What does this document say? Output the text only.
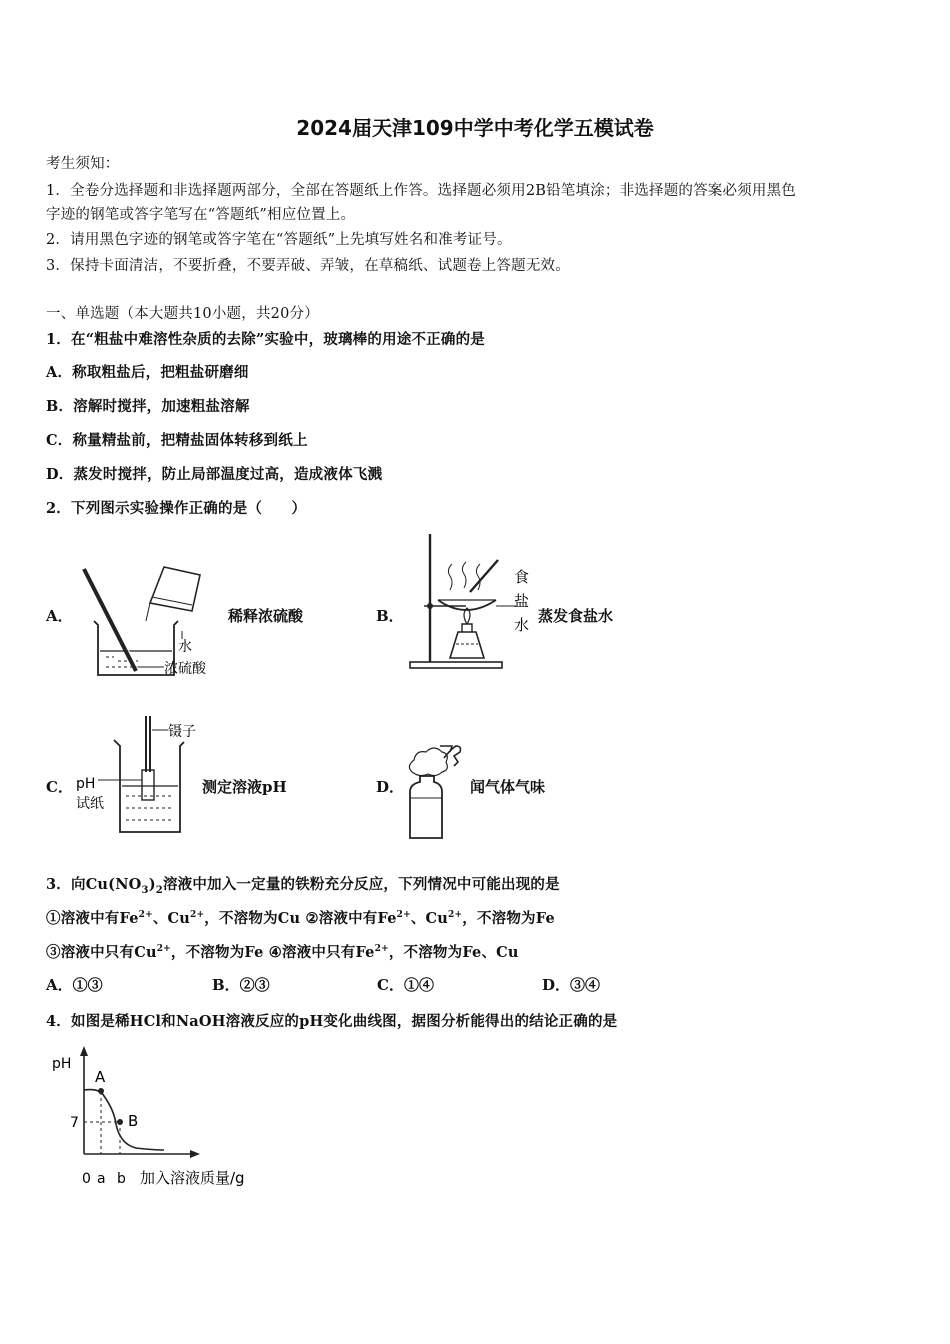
2024届天津109中学中考化学五模试卷
考生须知：
1．全卷分选择题和非选择题两部分，全部在答题纸上作答。选择题必须用2B铅笔填涂；非选择题的答案必须用黑色
字迹的钢笔或答字笔写在“答题纸”相应位置上。
2．请用黑色字迹的钢笔或答字笔在“答题纸”上先填写姓名和准考证号。
3．保持卡面清洁，不要折叠，不要弄破、弄皱，在草稿纸、试题卷上答题无效。
一、单选题（本大题共10小题，共20分）
1．在“粗盐中难溶性杂质的去除”实验中，玻璃棒的用途不正确的是
A．称取粗盐后，把粗盐研磨细
B．溶解时搅拌，加速粗盐溶解
C．称量精盐前，把精盐固体转移到纸上
D．蒸发时搅拌，防止局部温度过高，造成液体飞溅
2．下列图示实验操作正确的是（　　）
A．
水
浓硫酸
稀释浓硫酸	B．
食
盐
水 蒸发食盐水
C．
镊子
pH
试纸
测定溶液pH	D．	闻气体气味
3．向$Cu(NO_3)_2$溶液中加入一定量的铁粉充分反应，下列情况中可能出现的是
①溶液中有$Fe^{2+}$、$Cu^{2+}$，不溶物为Cu ②溶液中有$Fe^{2+}$、$Cu^{2+}$，不溶物为Fe
③溶液中只有$Cu^{2+}$，不溶物为Fe ④溶液中只有$Fe^{2+}$，不溶物为Fe、Cu
A．①③	B．②③	C．①④	D．③④
4．如图是稀HCl和NaOH溶液反应的pH变化曲线图，据图分析能得出的结论正确的是
A
B
pH
7
0 a b 加入溶液质量/g
